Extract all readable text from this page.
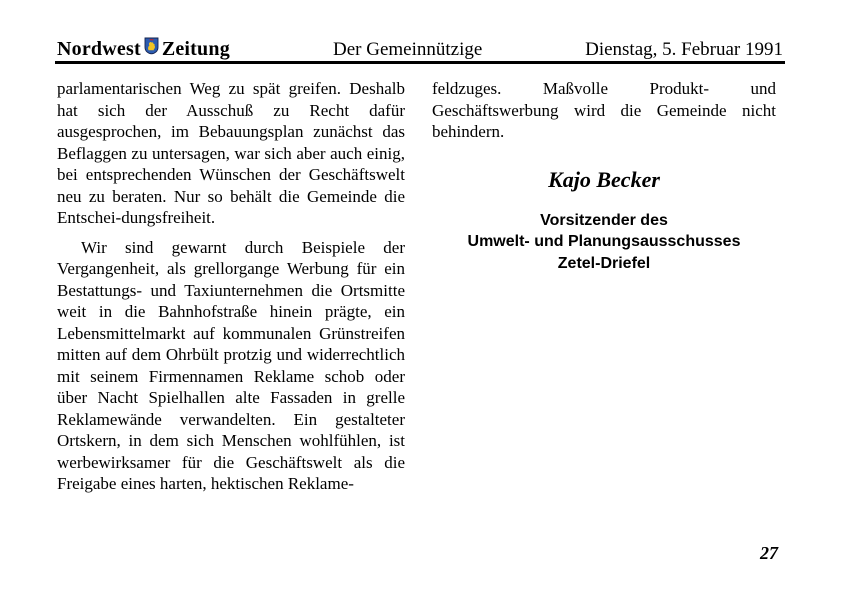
Nordwest Zeitung	Der Gemeinnützige	Dienstag, 5. Februar 1991

parlamentarischen Weg zu spät greifen. Deshalb hat sich der Ausschuß zu Recht dafür ausgesprochen, im Bebauungsplan zunächst das Beflaggen zu untersagen, war sich aber auch einig, bei entsprechenden Wünschen der Geschäftswelt neu zu beraten. Nur so behält die Gemeinde die Entschei-dungsfreiheit.

Wir sind gewarnt durch Beispiele der Vergangenheit, als grellorgange Werbung für ein Bestattungs- und Taxiunternehmen die Ortsmitte weit in die Bahnhofstraße hinein prägte, ein Lebensmittelmarkt auf kommunalen Grünstreifen mitten auf dem Ohrbült protzig und widerrechtlich mit seinem Firmennamen Reklame schob oder über Nacht Spielhallen alte Fassaden in grelle Reklamewände verwandelten. Ein gestalteter Ortskern, in dem sich Menschen wohlfühlen, ist werbewirksamer für die Geschäftswelt als die Freigabe eines harten, hektischen Reklame-

feldzuges. Maßvolle Produkt- und Geschäftswerbung wird die Gemeinde nicht behindern.

Kajo Becker
Vorsitzender des
Umwelt- und Planungsausschusses
Zetel-Driefel
27
